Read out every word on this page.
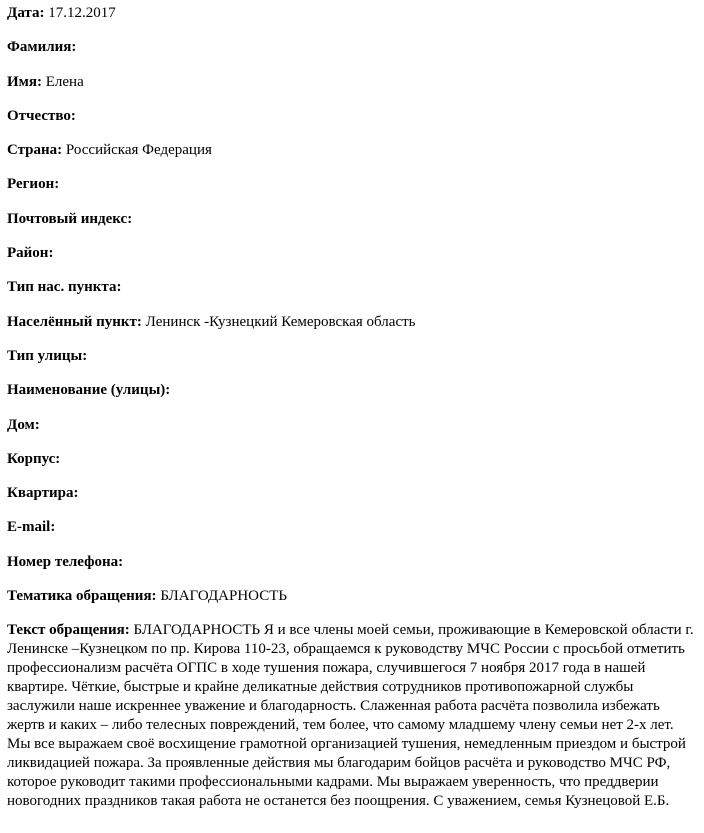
Дата: 17.12.2017

Фамилия:

Имя: Елена

Отчество:

Страна: Российская Федерация

Регион:

Почтовый индекс:

Район:

Тип нас. пункта:

Населённый пункт: Ленинск -Кузнецкий Кемеровская область

Тип улицы:

Наименование (улицы):

Дом:

Корпус:

Квартира:

E-mail:

Номер телефона:

Тематика обращения: БЛАГОДАРНОСТЬ

Текст обращения: БЛАГОДАРНОСТЬ Я и все члены моей семьи, проживающие в Кемеровской области г. Ленинске –Кузнецком по пр. Кирова 110-23, обращаемся к руководству МЧС России с просьбой отметить профессионализм расчёта ОГПС в ходе тушения пожара, случившегося 7 ноября 2017 года в нашей квартире. Чёткие, быстрые и крайне деликатные действия сотрудников противопожарной службы заслужили наше искреннее уважение и благодарность. Слаженная работа расчёта позволила избежать жертв и каких – либо телесных повреждений, тем более, что самому младшему члену семьи нет 2-х лет. Мы все выражаем своё восхищение грамотной организацией тушения, немедленным приездом и быстрой ликвидацией пожара. За проявленные действия мы благодарим бойцов расчёта и руководство МЧС РФ, которое руководит такими профессиональными кадрами. Мы выражаем уверенность, что преддверии новогодних праздников такая работа не останется без поощрения. С уважением, семья Кузнецовой Е.Б.
